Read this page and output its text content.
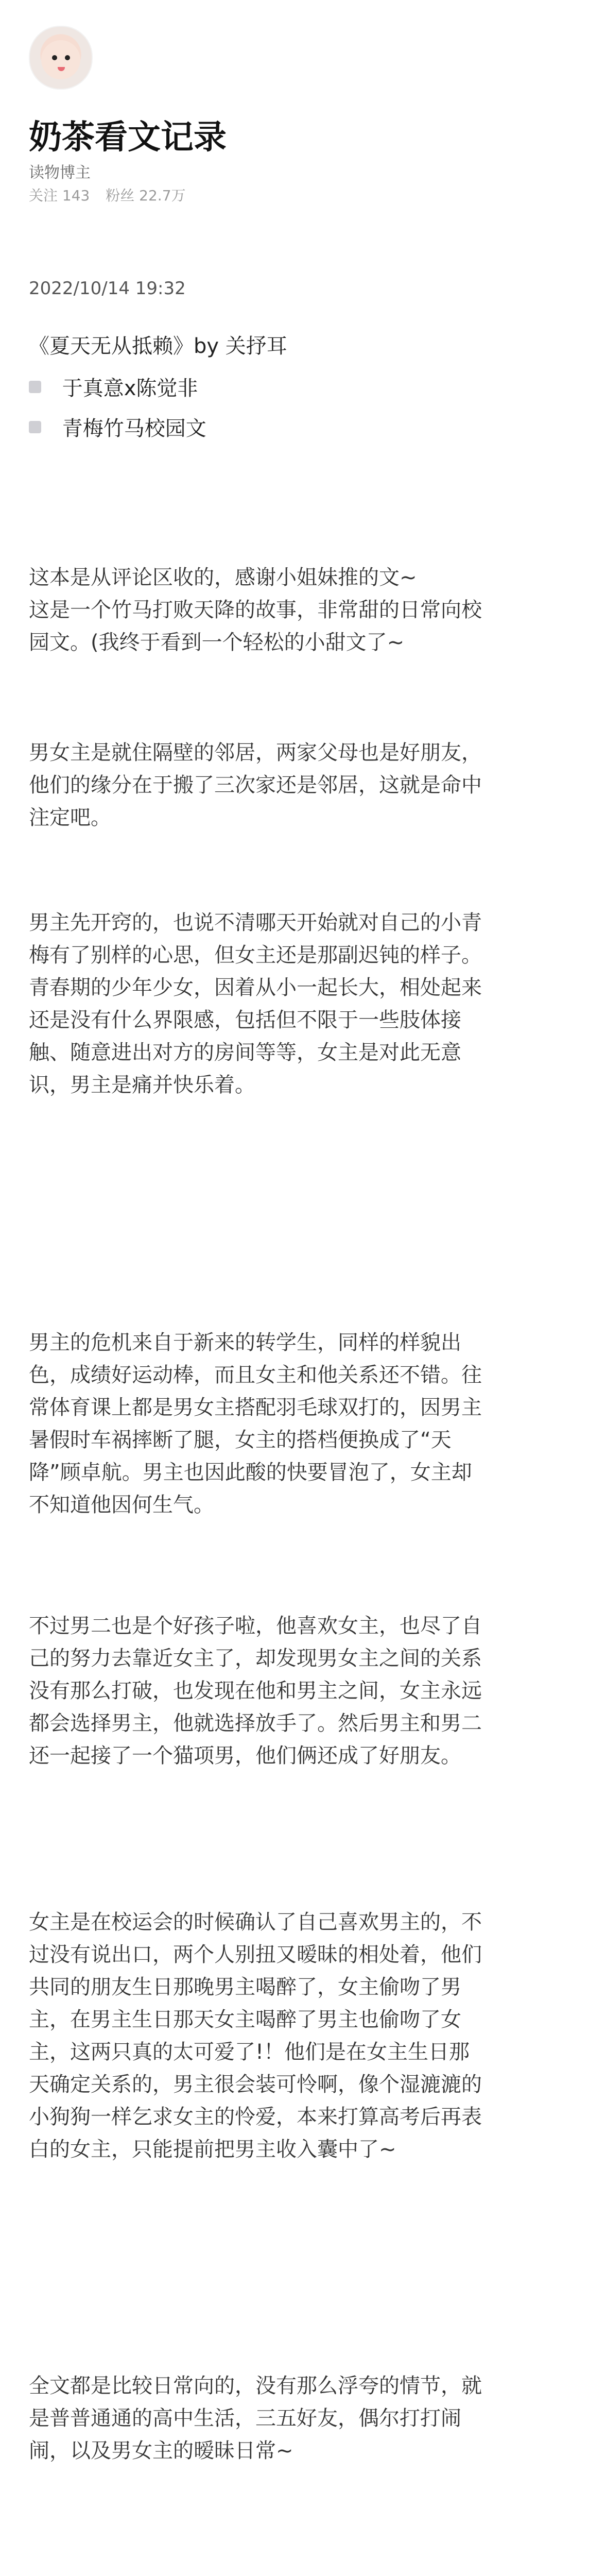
奶茶看文记录
读物博主
关注 143 粉丝 22.7万
2022/10/14 19:32
《夏天无从抵赖》by 关抒耳
于真意x陈觉非
青梅竹马校园文

这本是从评论区收的，感谢小姐妹推的文~

这是一个竹马打败天降的故事，非常甜的日常向校

园文。(我终于看到一个轻松的小甜文了~

男女主是就住隔壁的邻居，两家父母也是好朋友，

他们的缘分在于搬了三次家还是邻居，这就是命中

注定吧。

男主先开窍的，也说不清哪天开始就对自己的小青

梅有了别样的心思，但女主还是那副迟钝的样子。

青春期的少年少女，因着从小一起长大，相处起来

还是没有什么界限感，包括但不限于一些肢体接

触、随意进出对方的房间等等，女主是对此无意

识，男主是痛并快乐着。

男主的危机来自于新来的转学生，同样的样貌出

色，成绩好运动棒，而且女主和他关系还不错。往

常体育课上都是男女主搭配羽毛球双打的，因男主

暑假时车祸摔断了腿，女主的搭档便换成了“天

降”顾卓航。男主也因此酸的快要冒泡了，女主却

不知道他因何生气。

不过男二也是个好孩子啦，他喜欢女主，也尽了自

己的努力去靠近女主了，却发现男女主之间的关系

没有那么打破，也发现在他和男主之间，女主永远

都会选择男主，他就选择放手了。然后男主和男二

还一起接了一个猫项男，他们俩还成了好朋友。

女主是在校运会的时候确认了自己喜欢男主的，不

过没有说出口，两个人别扭又暧昧的相处着，他们

共同的朋友生日那晚男主喝醉了，女主偷吻了男

主，在男主生日那天女主喝醉了男主也偷吻了女

主，这两只真的太可爱了!！他们是在女主生日那

天确定关系的，男主很会装可怜啊，像个湿漉漉的

小狗狗一样乞求女主的怜爱，本来打算高考后再表

白的女主，只能提前把男主收入囊中了~

全文都是比较日常向的，没有那么浮夸的情节，就

是普普通通的高中生活，三五好友，偶尔打打闹

闹，以及男女主的暧昧日常~
